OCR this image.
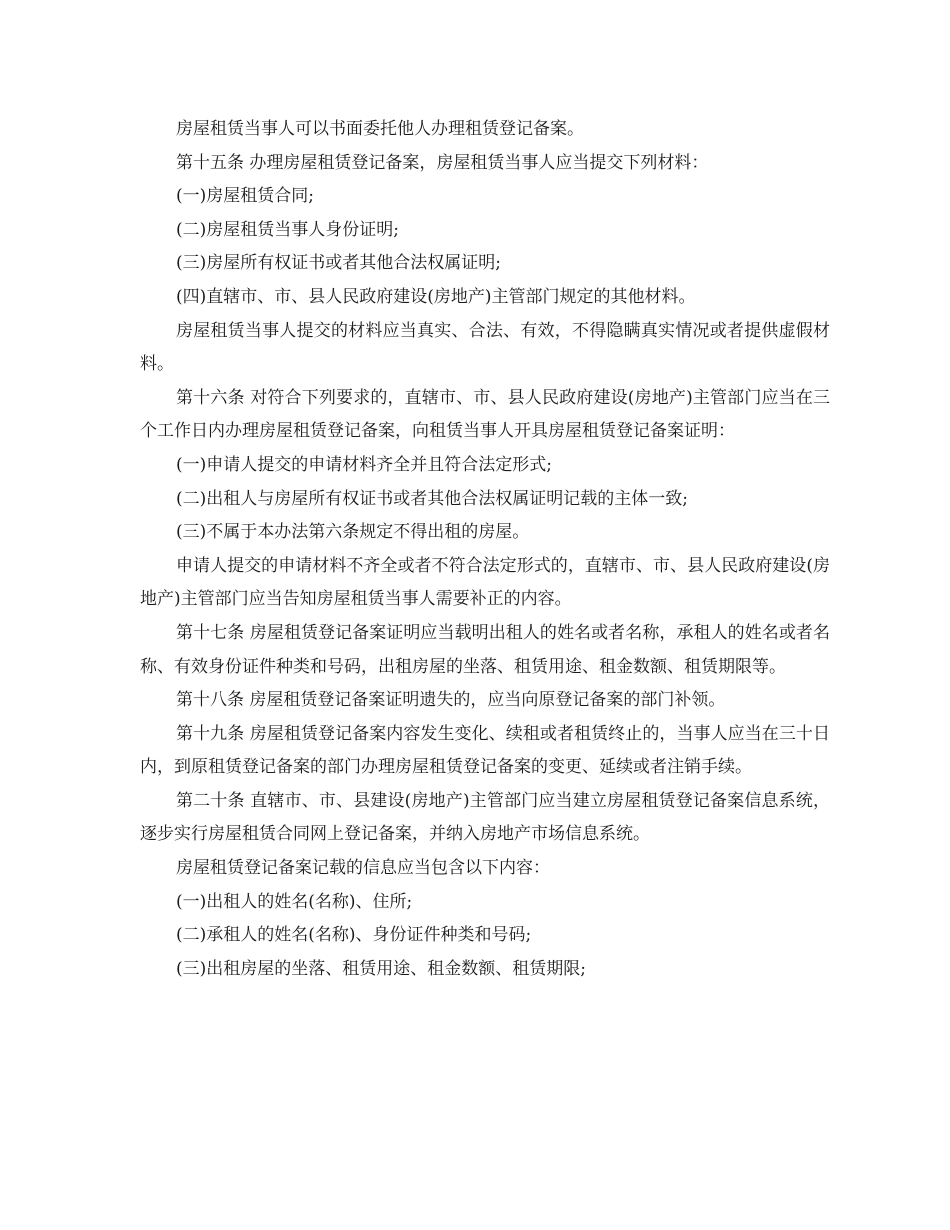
房屋租赁当事人可以书面委托他人办理租赁登记备案。

第十五条 办理房屋租赁登记备案，房屋租赁当事人应当提交下列材料：

(一)房屋租赁合同;

(二)房屋租赁当事人身份证明;

(三)房屋所有权证书或者其他合法权属证明;

(四)直辖市、市、县人民政府建设(房地产)主管部门规定的其他材料。

房屋租赁当事人提交的材料应当真实、合法、有效，不得隐瞒真实情况或者提供虚假材料。

第十六条 对符合下列要求的，直辖市、市、县人民政府建设(房地产)主管部门应当在三个工作日内办理房屋租赁登记备案，向租赁当事人开具房屋租赁登记备案证明：

(一)申请人提交的申请材料齐全并且符合法定形式;

(二)出租人与房屋所有权证书或者其他合法权属证明记载的主体一致;

(三)不属于本办法第六条规定不得出租的房屋。

申请人提交的申请材料不齐全或者不符合法定形式的，直辖市、市、县人民政府建设(房地产)主管部门应当告知房屋租赁当事人需要补正的内容。

第十七条 房屋租赁登记备案证明应当载明出租人的姓名或者名称，承租人的姓名或者名称、有效身份证件种类和号码，出租房屋的坐落、租赁用途、租金数额、租赁期限等。

第十八条 房屋租赁登记备案证明遗失的，应当向原登记备案的部门补领。

第十九条 房屋租赁登记备案内容发生变化、续租或者租赁终止的，当事人应当在三十日内，到原租赁登记备案的部门办理房屋租赁登记备案的变更、延续或者注销手续。

第二十条 直辖市、市、县建设(房地产)主管部门应当建立房屋租赁登记备案信息系统，逐步实行房屋租赁合同网上登记备案，并纳入房地产市场信息系统。

房屋租赁登记备案记载的信息应当包含以下内容：

(一)出租人的姓名(名称)、住所;

(二)承租人的姓名(名称)、身份证件种类和号码;

(三)出租房屋的坐落、租赁用途、租金数额、租赁期限;
